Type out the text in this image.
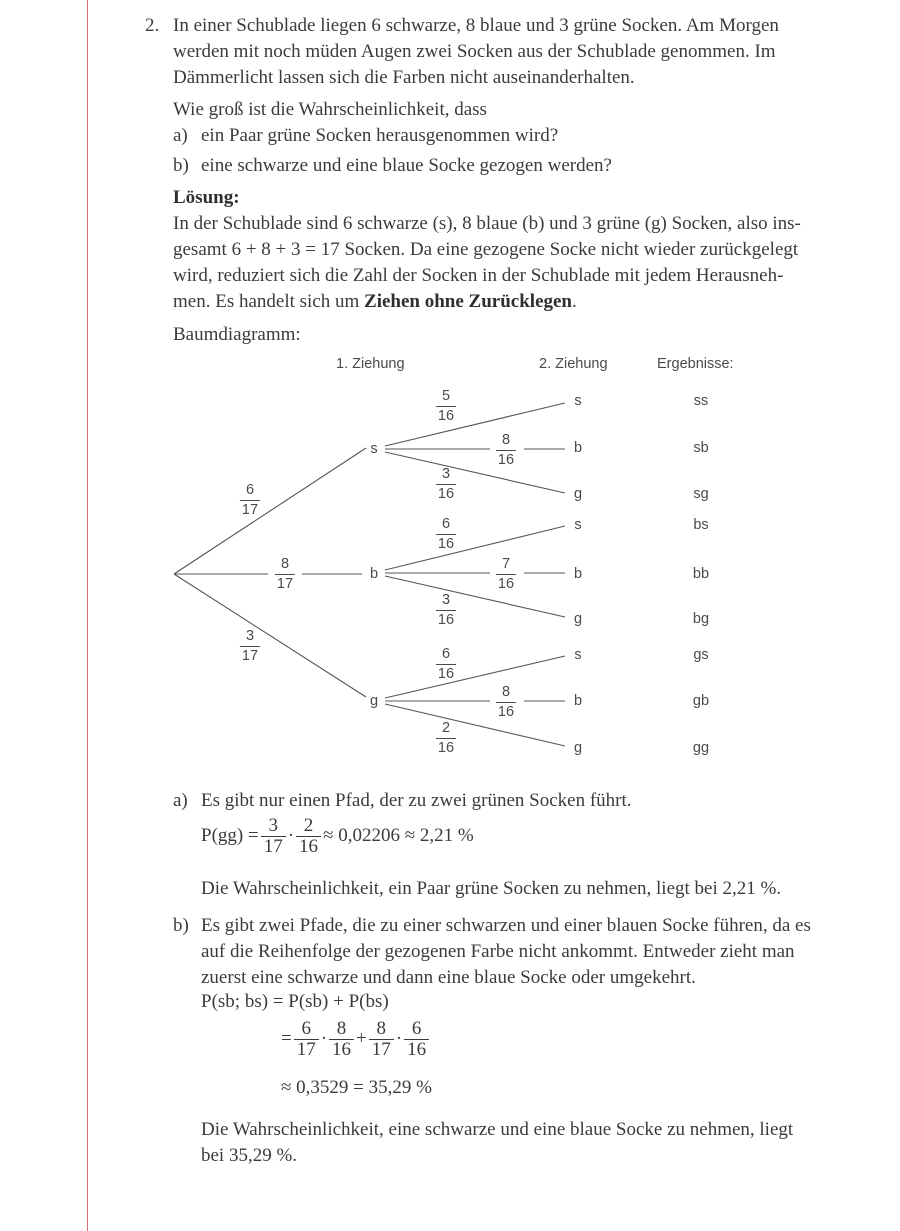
2. In einer Schublade liegen 6 schwarze, 8 blaue und 3 grüne Socken. Am Morgen
werden mit noch müden Augen zwei Socken aus der Schublade genommen. Im
Dämmerlicht lassen sich die Farben nicht auseinanderhalten.
Wie groß ist die Wahrscheinlichkeit, dass
a) ein Paar grüne Socken herausgenommen wird?
b) eine schwarze und eine blaue Socke gezogen werden?
Lösung:
In der Schublade sind 6 schwarze (s), 8 blaue (b) und 3 grüne (g) Socken, also ins-
gesamt 6 + 8 + 3 = 17 Socken. Da eine gezogene Socke nicht wieder zurückgelegt
wird, reduziert sich die Zahl der Socken in der Schublade mit jedem Herausneh-
men. Es handelt sich um Ziehen ohne Zurücklegen.
Baumdiagramm:
1. Ziehung	2. Ziehung	Ergebnisse:
6
17
8
17
3
17
s
b
g
5
16
8
16
3
16
6
16
7
16
3
16
6
16
8
16
2
16
s
b
g
s
b
g
s
b
g
ss
sb
sg
bs
bb
bg
gs
gb
gg
a) Es gibt nur einen Pfad, der zu zwei grünen Socken führt.
P(gg) = 3
17
· 2
16
≈ 0,02206 ≈ 2,21 %
Die Wahrscheinlichkeit, ein Paar grüne Socken zu nehmen, liegt bei 2,21 %.
b) Es gibt zwei Pfade, die zu einer schwarzen und einer blauen Socke führen, da es
auf die Reihenfolge der gezogenen Farbe nicht ankommt. Entweder zieht man
zuerst eine schwarze und dann eine blaue Socke oder umgekehrt.
P(sb; bs) = P(sb) + P(bs)
= 6
17
· 8
16
+ 8
17
· 6
16
≈ 0,3529 = 35,29 %
Die Wahrscheinlichkeit, eine schwarze und eine blaue Socke zu nehmen, liegt
bei 35,29 %.
